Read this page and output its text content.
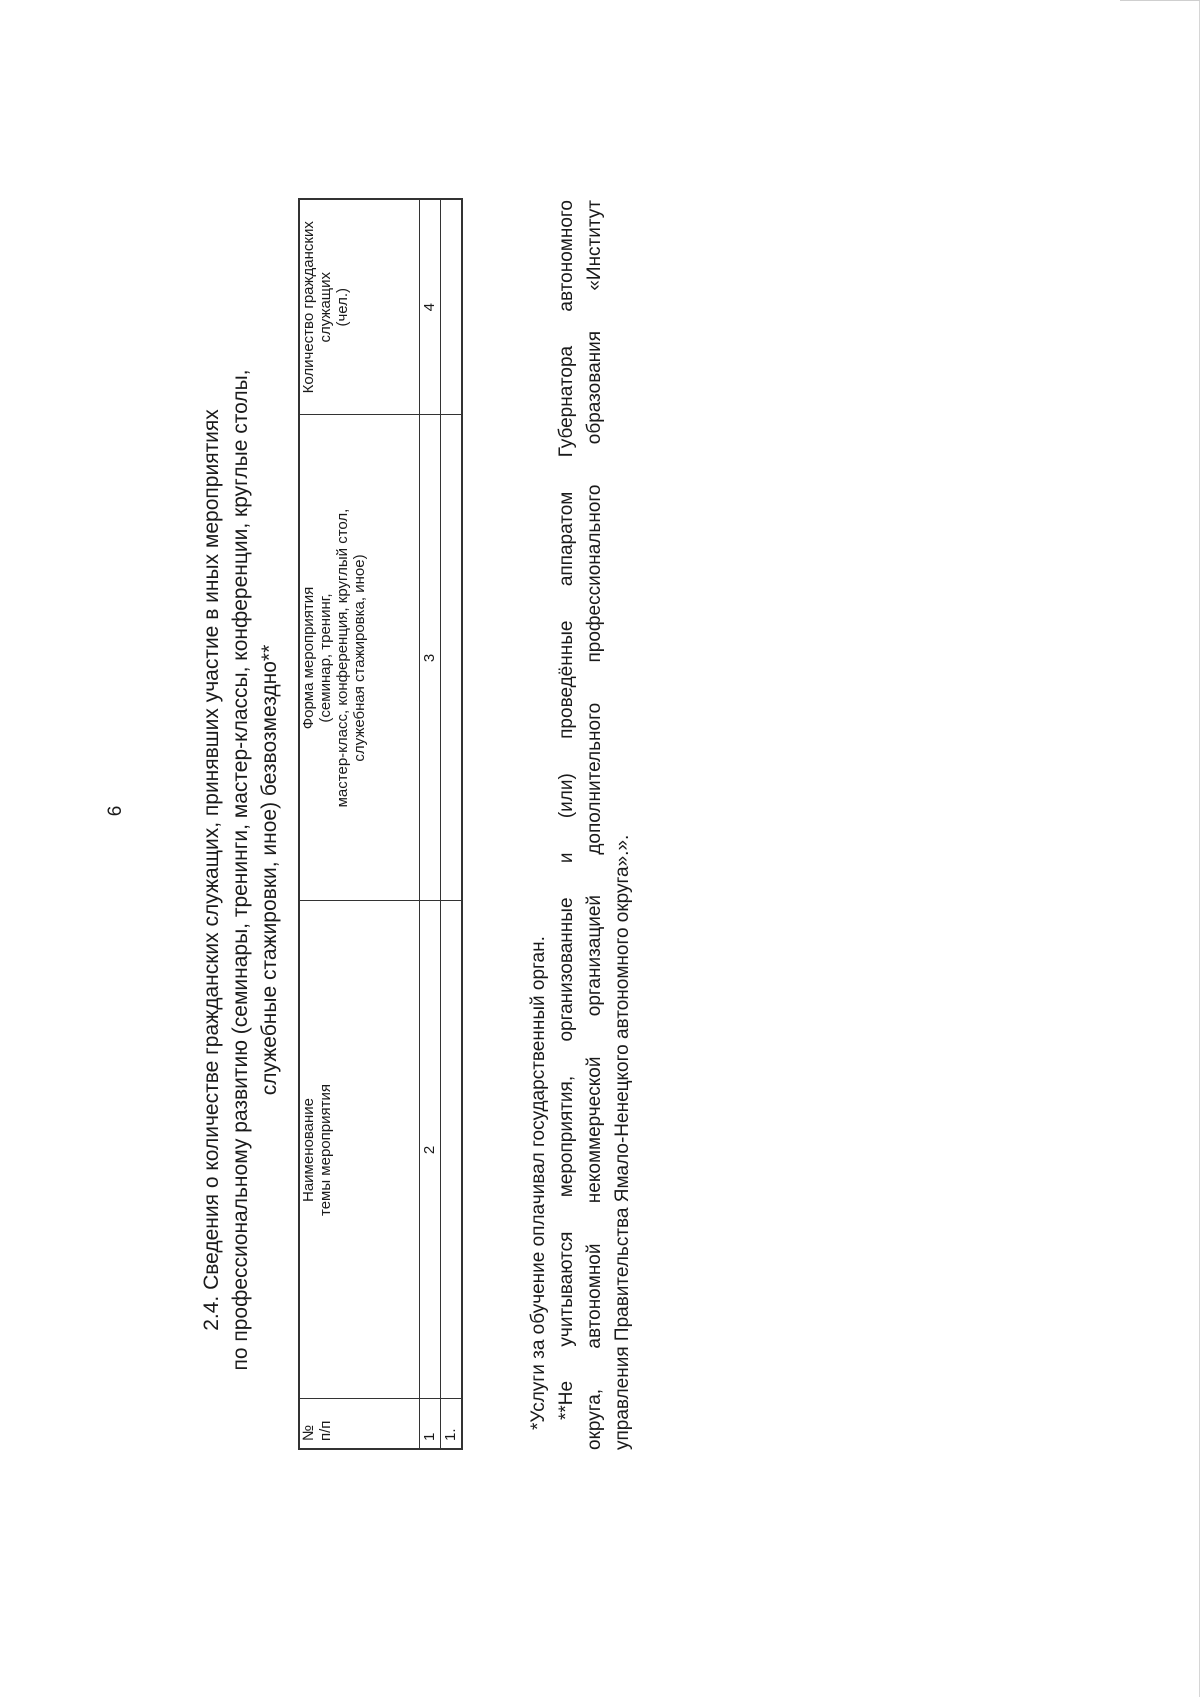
6	2.4. Сведения о количестве гражданских служащих, принявших участие в иных мероприятиях по профессиональному развитию (семинары, тренинги, мастер-классы, конференции, круглые столы, служебные стажировки, иное) безвозмездно**
№ п/п	Наименование темы мероприятия	Форма мероприятия (семинар, тренинг, мастер-класс, конференция, круглый стол, служебная стажировка, иное)	Количество гражданских служащих (чел.)

1	2	3	4
1.			

*Услуги за обучение оплачивал государственный орган. **Не учитываются мероприятия, организованные и (или) проведённые аппаратом Губернатора автономного округа, автономной некоммерческой организацией дополнительного профессионального образования «Институт управления Правительства Ямало-Ненецкого автономного округа».».
